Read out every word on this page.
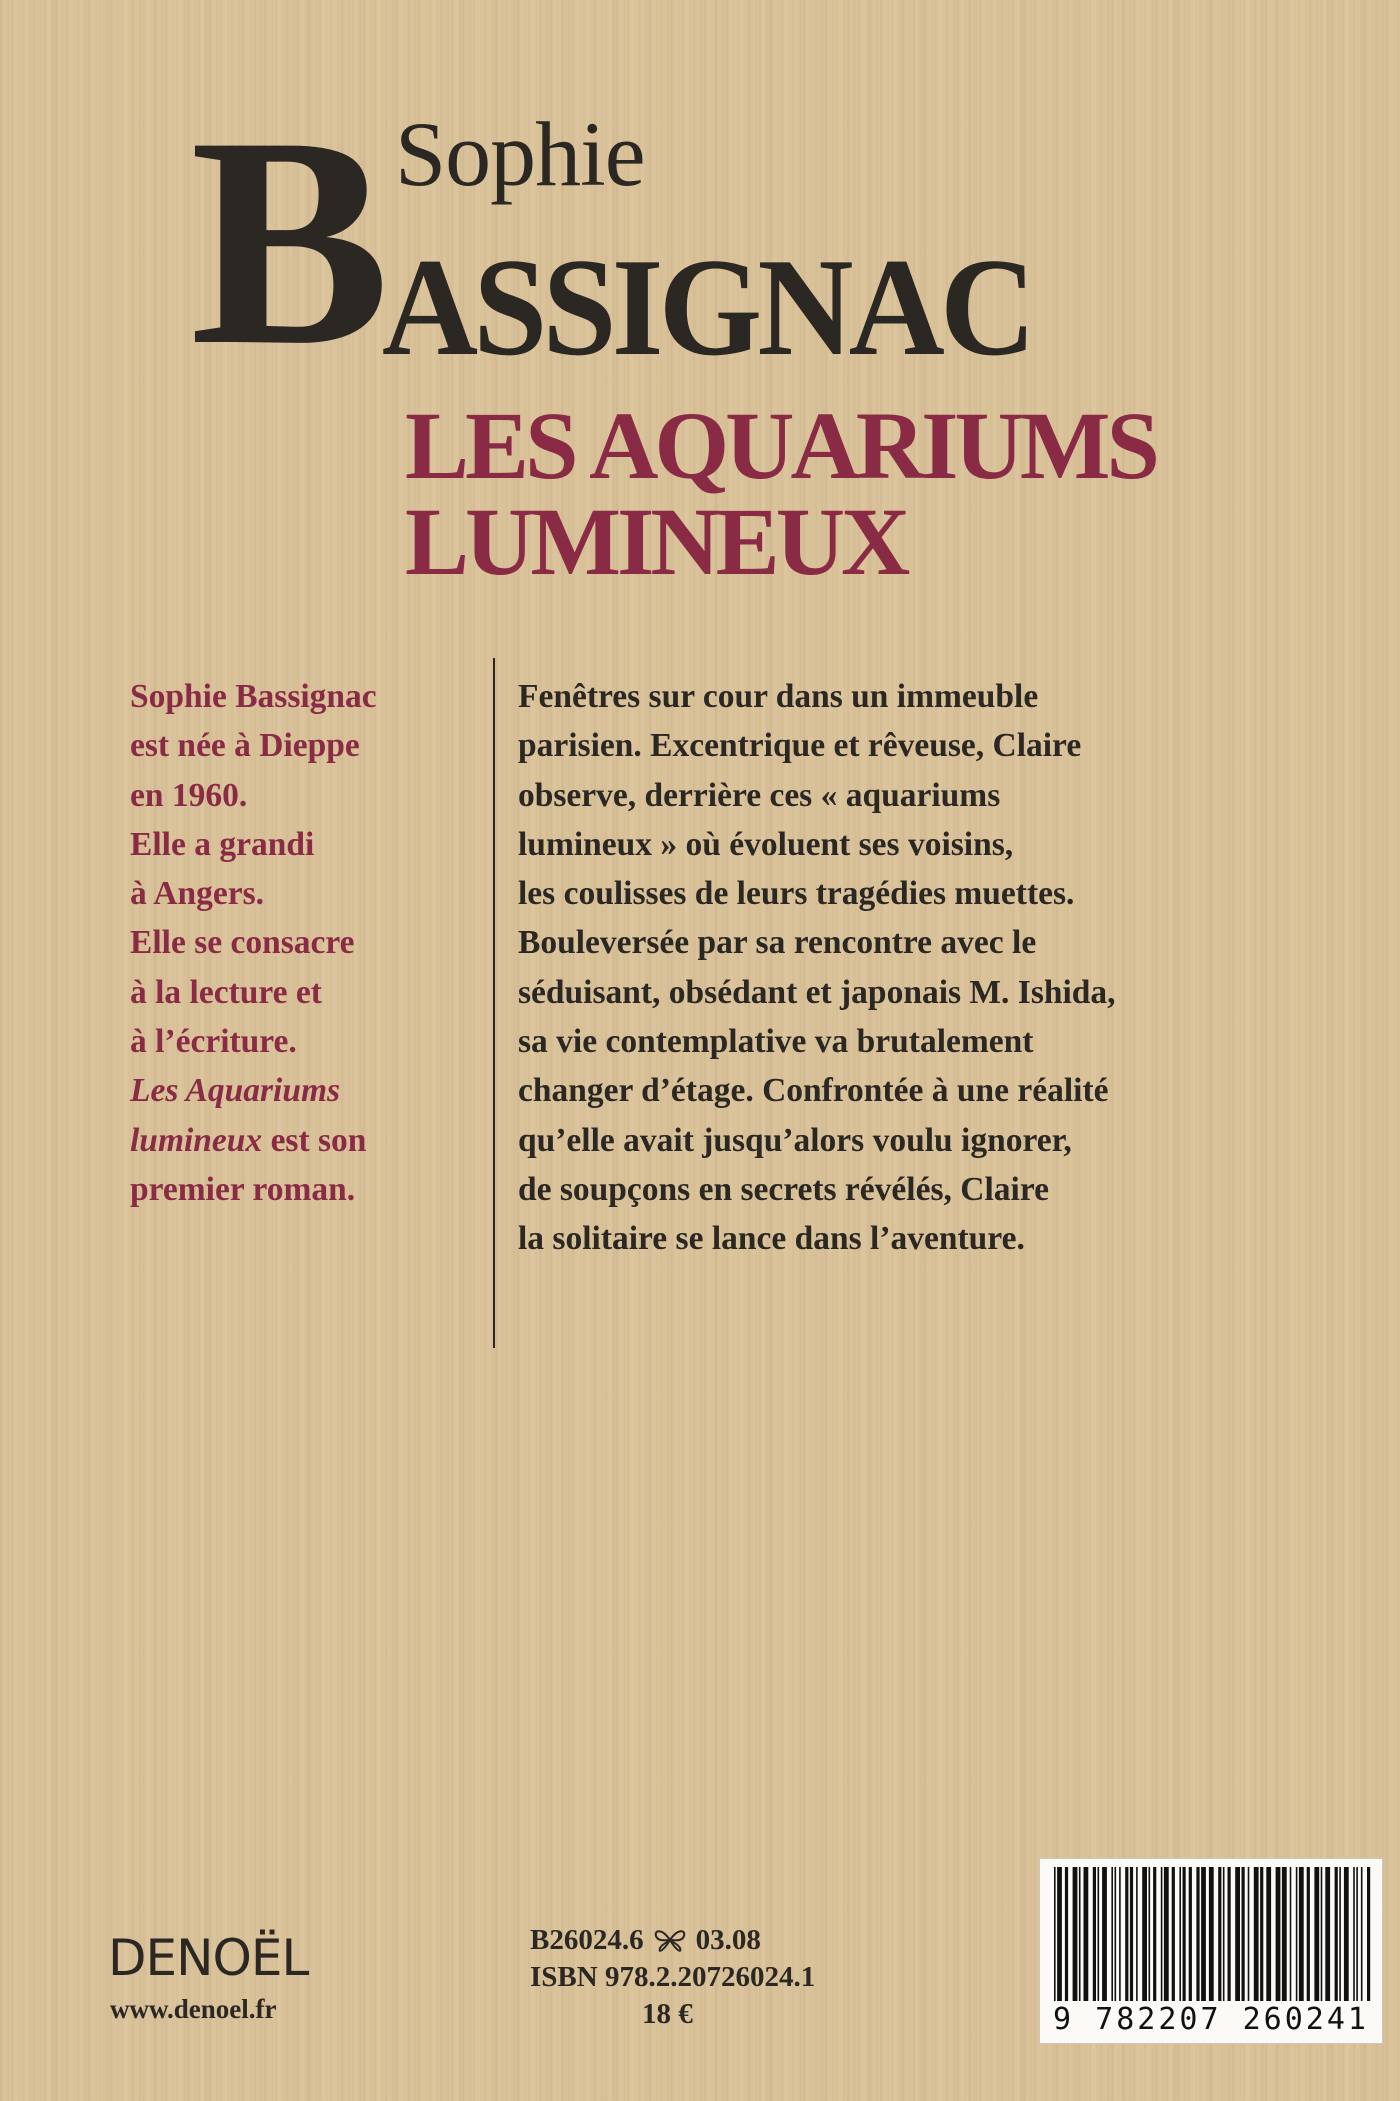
Sophie
B ASSIGNAC
LES AQUARIUMS
LUMINEUX
Sophie Bassignac
est née à Dieppe
en 1960.
Elle a grandi
à Angers.
Elle se consacre
à la lecture et
à l’écriture.
Les Aquariums
lumineux est son
premier roman.
Fenêtres sur cour dans un immeuble
parisien. Excentrique et rêveuse, Claire
observe, derrière ces « aquariums
lumineux » où évoluent ses voisins,
les coulisses de leurs tragédies muettes.
Bouleversée par sa rencontre avec le
séduisant, obsédant et japonais M. Ishida,
sa vie contemplative va brutalement
changer d’étage. Confrontée à une réalité
qu’elle avait jusqu’alors voulu ignorer,
de soupçons en secrets révélés, Claire
la solitaire se lance dans l’aventure.
DENOËL
www.denoel.fr
B26024.6 03.08
ISBN 978.2.20726024.1
18 €	9 782207 260241
